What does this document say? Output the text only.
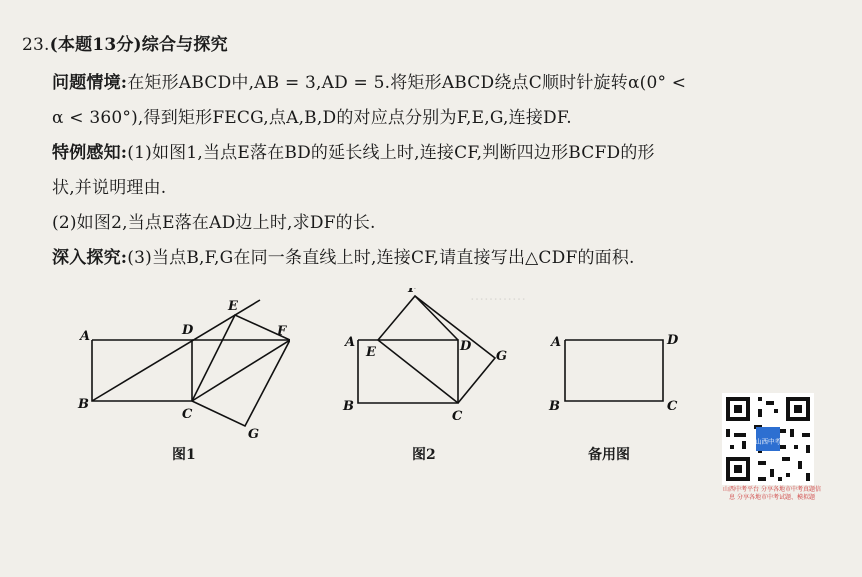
…………
23.(本题13分)综合与探究
问题情境:在矩形ABCD中,AB = 3,AD = 5.将矩形ABCD绕点C顺时针旋转α(0° <
α < 360°),得到矩形FECG,点A,B,D的对应点分别为F,E,G,连接DF.
特例感知:(1)如图1,当点E落在BD的延长线上时,连接CF,判断四边形BCFD的形
状,并说明理由.
(2)如图2,当点E落在AD边上时,求DF的长.
深入探究:(3)当点B,F,G在同一条直线上时,连接CF,请直接写出△CDF的面积.
A
B
C
D
E
F
G
图1
A
B
C
D
E
F
G
图2
A
B	C
D
备用图
山西中考
山西中考平台 分享各地市中考真题信息 分享各地市中考试题、模拟题
